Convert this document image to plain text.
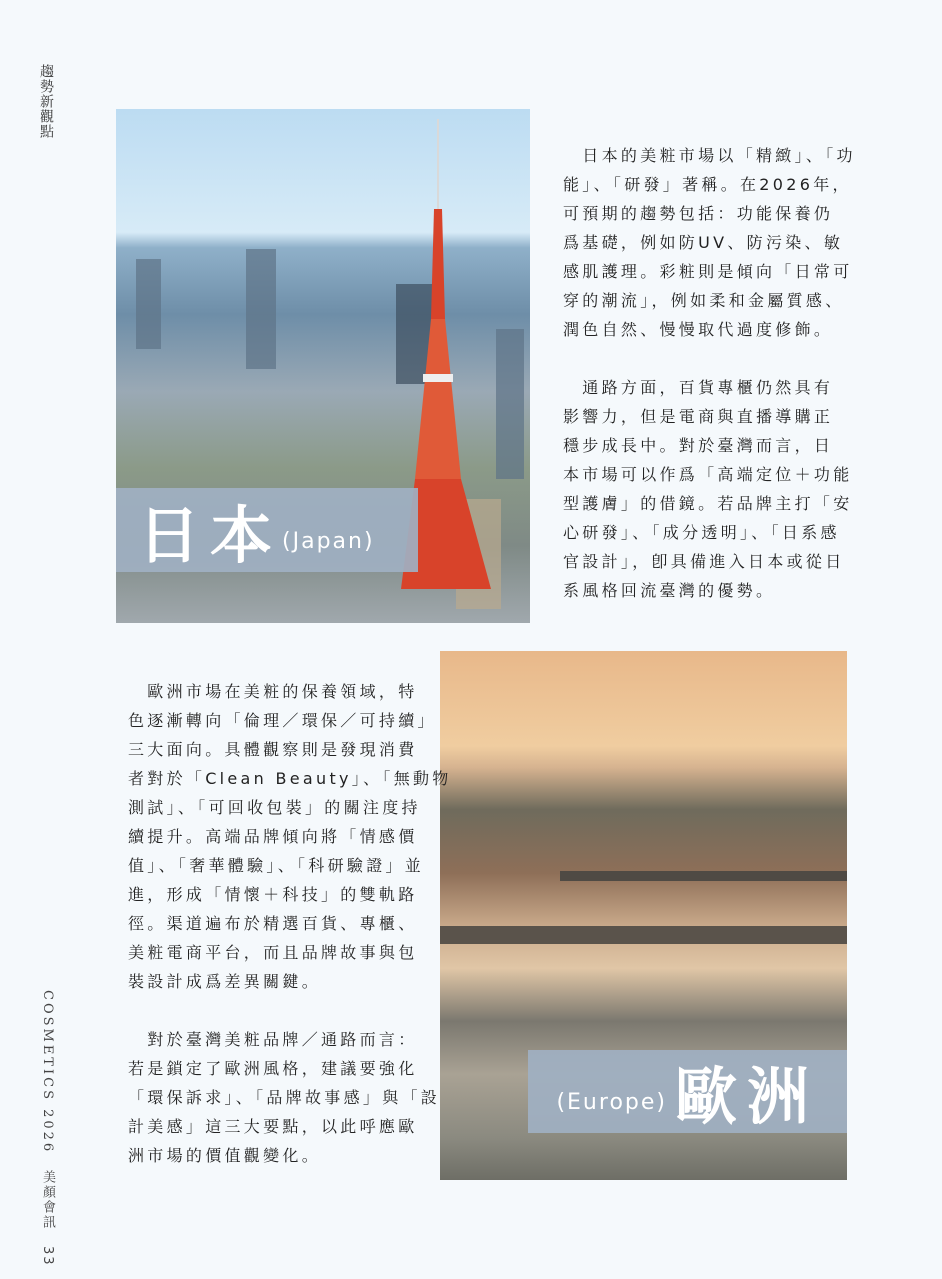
趨勢新觀點
日本 (Japan)
　日本的美粧市場以「精緻」、「功
能」、「研發」著稱。在2026年，
可預期的趨勢包括：功能保養仍
爲基礎，例如防UV、防污染、敏
感肌護理。彩粧則是傾向「日常可
穿的潮流」，例如柔和金屬質感、
潤色自然、慢慢取代過度修飾。
　通路方面，百貨專櫃仍然具有
影響力，但是電商與直播導購正
穩步成長中。對於臺灣而言，日
本市場可以作爲「高端定位＋功能
型護膚」的借鏡。若品牌主打「安
心研發」、「成分透明」、「日系感
官設計」，卽具備進入日本或從日
系風格回流臺灣的優勢。
(Europe) 歐洲
　歐洲市場在美粧的保養領域，特
色逐漸轉向「倫理／環保／可持續」
三大面向。具體觀察則是發現消費
者對於「Clean Beauty」、「無動物
測試」、「可回收包裝」的關注度持
續提升。高端品牌傾向將「情感價
值」、「奢華體驗」、「科研驗證」並
進，形成「情懷＋科技」的雙軌路
徑。渠道遍布於精選百貨、專櫃、
美粧電商平台，而且品牌故事與包
裝設計成爲差異關鍵。
　對於臺灣美粧品牌／通路而言：
若是鎖定了歐洲風格，建議要強化
「環保訴求」、「品牌故事感」與「設
計美感」這三大要點，以此呼應歐
洲市場的價值觀變化。
COSMETICS 2026 美顏會訊 33
